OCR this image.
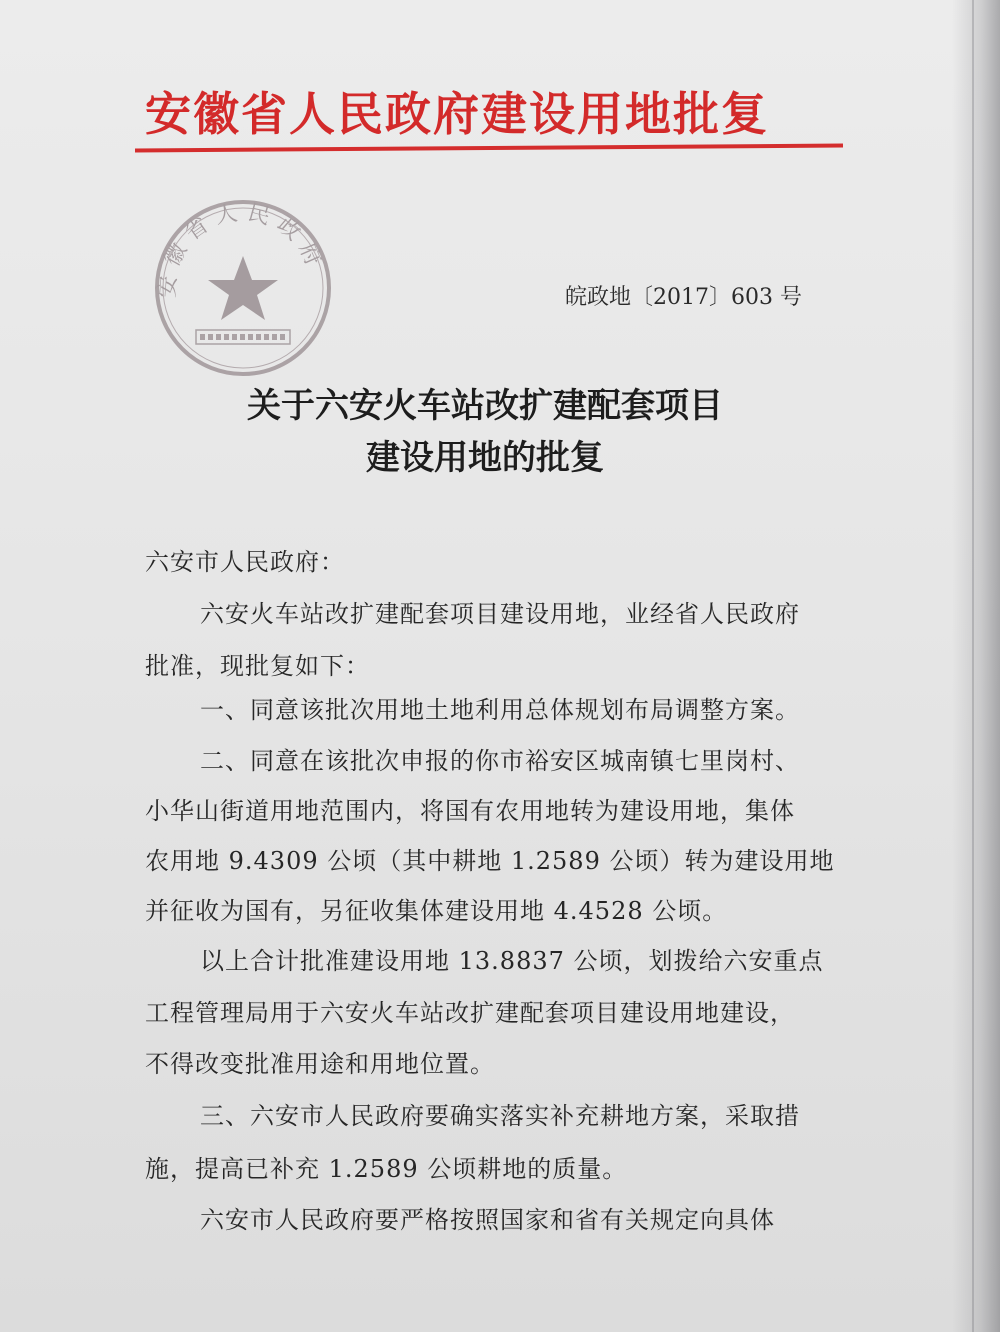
安徽省人民政府建设用地批复
安徽省人民政府
皖政地〔2017〕603 号
关于六安火车站改扩建配套项目
建设用地的批复
六安市人民政府：
六安火车站改扩建配套项目建设用地，业经省人民政府
批准，现批复如下：
一、同意该批次用地土地利用总体规划布局调整方案。
二、同意在该批次申报的你市裕安区城南镇七里岗村、
小华山街道用地范围内，将国有农用地转为建设用地，集体
农用地 9.4309 公顷（其中耕地 1.2589 公顷）转为建设用地
并征收为国有，另征收集体建设用地 4.4528 公顷。
以上合计批准建设用地 13.8837 公顷，划拨给六安重点
工程管理局用于六安火车站改扩建配套项目建设用地建设，
不得改变批准用途和用地位置。
三、六安市人民政府要确实落实补充耕地方案，采取措
施，提高已补充 1.2589 公顷耕地的质量。
六安市人民政府要严格按照国家和省有关规定向具体
